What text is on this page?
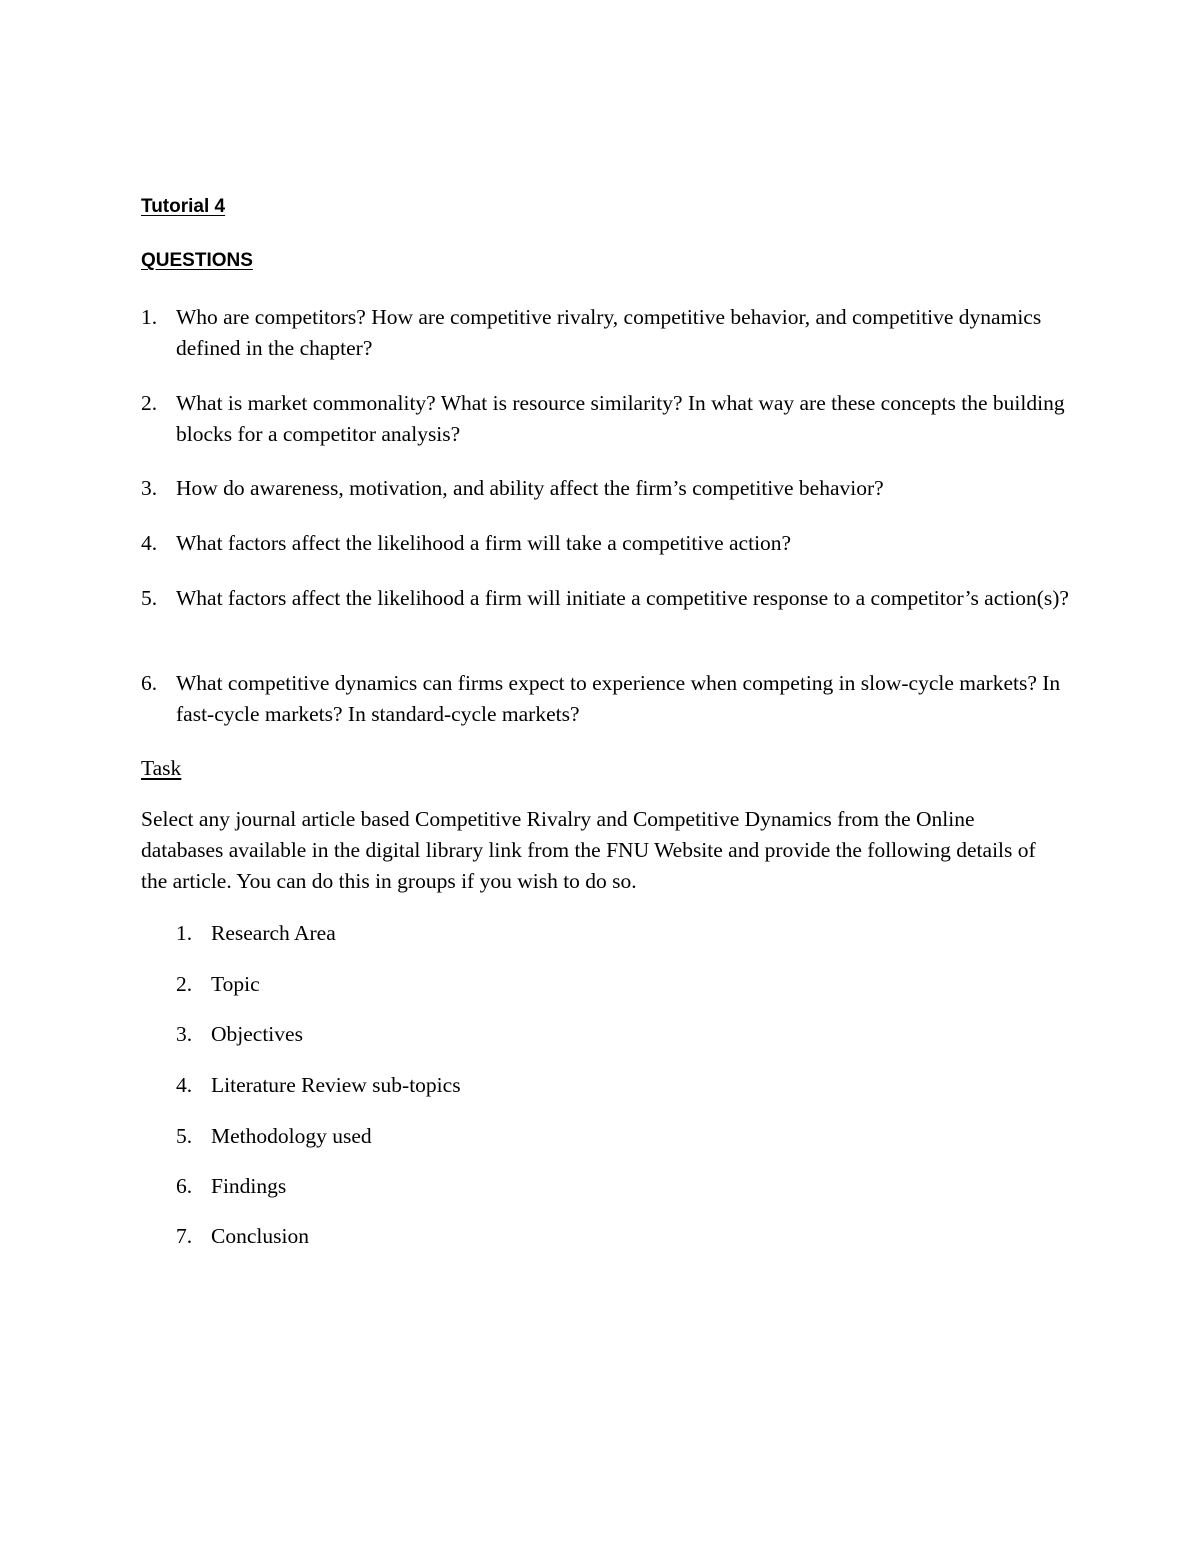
Tutorial 4
QUESTIONS
1. Who are competitors? How are competitive rivalry, competitive behavior, and competitive dynamics defined in the chapter?
2. What is market commonality? What is resource similarity? In what way are these concepts the building blocks for a competitor analysis?
3. How do awareness, motivation, and ability affect the firm’s competitive behavior?
4. What factors affect the likelihood a firm will take a competitive action?
5. What factors affect the likelihood a firm will initiate a competitive response to a competitor’s action(s)?
6. What competitive dynamics can firms expect to experience when competing in slow-cycle markets? In fast-cycle markets? In standard-cycle markets?
Task

Select any journal article based Competitive Rivalry and Competitive Dynamics from the Online databases available in the digital library link from the FNU Website and provide the following details of the article. You can do this in groups if you wish to do so.

1. Research Area
2. Topic
3. Objectives
4. Literature Review sub-topics
5. Methodology used
6. Findings
7. Conclusion
